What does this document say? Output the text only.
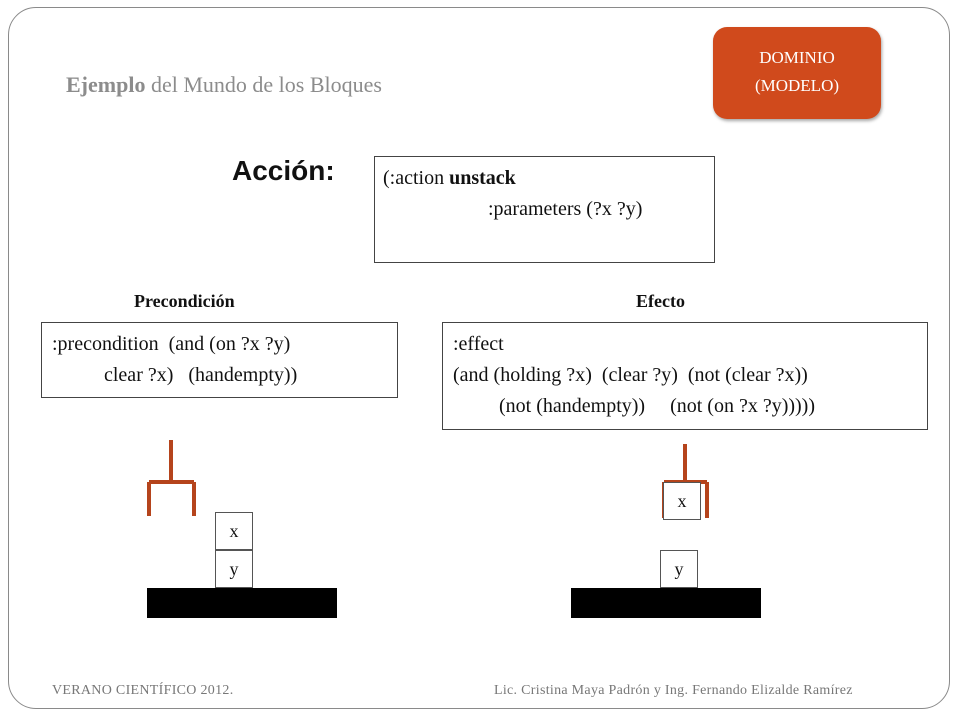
Ejemplo del Mundo de los Bloques
DOMINIO
(MODELO)
Acción: (:action unstack
:parameters (?x ?y)
Precondición	Efecto
:precondition  (and (on ?x ?y)
clear ?x)   (handempty))
:effect
(and (holding ?x)  (clear ?y)  (not (clear ?x))
(not (handempty))     (not (on ?x ?y)))))
x
y
x
y
VERANO CIENTÍFICO 2012.	Lic. Cristina Maya Padrón y Ing. Fernando Elizalde Ramírez
